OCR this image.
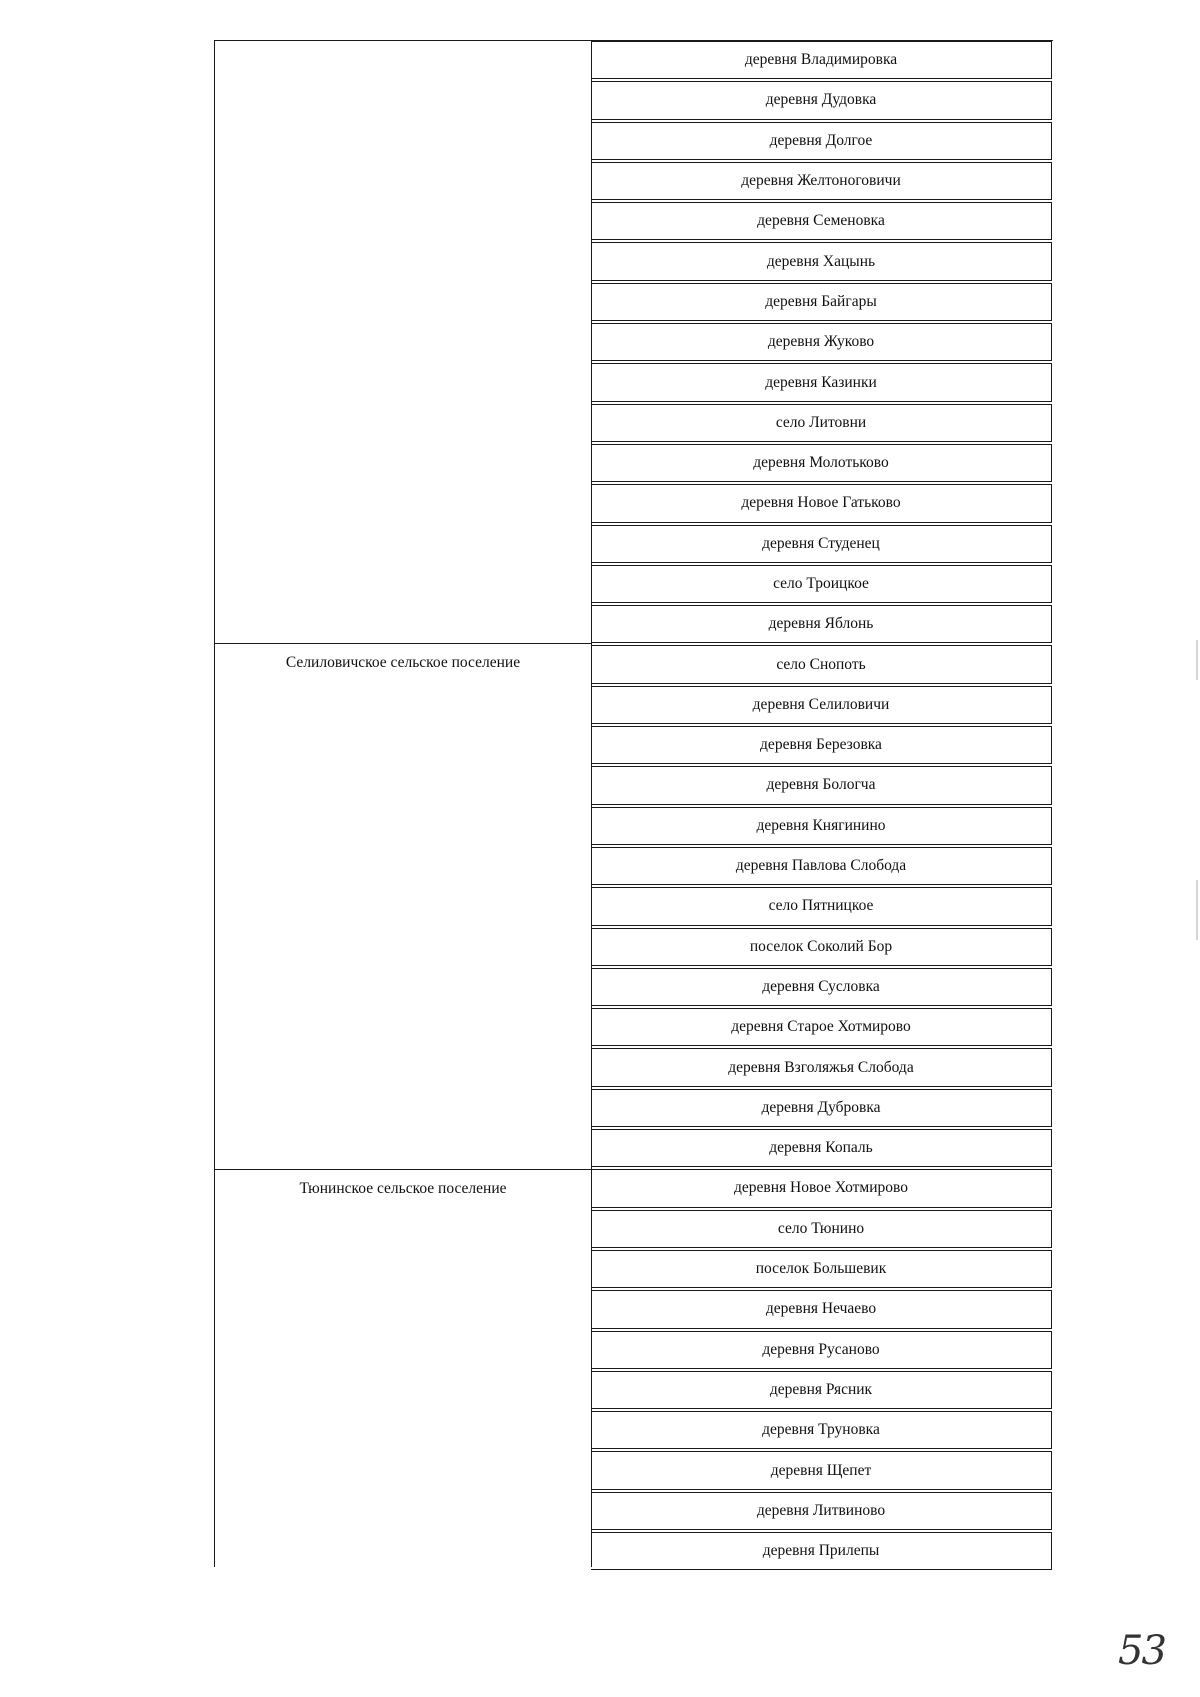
Селиловичское сельское поселение
Тюнинское сельское поселение
деревня Владимировка
деревня Дудовка
деревня Долгое
деревня Желтоноговичи
деревня Семеновка
деревня Хацынь
деревня Байгары
деревня Жуково
деревня Казинки
село Литовни
деревня Молотьково
деревня Новое Гатьково
деревня Студенец
село Троицкое
деревня Яблонь
село Снопоть
деревня Селиловичи
деревня Березовка
деревня Бологча
деревня Княгинино
деревня Павлова Слобода
село Пятницкое
поселок Соколий Бор
деревня Сусловка
деревня Старое Хотмирово
деревня Взголяжья Слобода
деревня Дубровка
деревня Копаль
деревня Новое Хотмирово
село Тюнино
поселок Большевик
деревня Нечаево
деревня Русаново
деревня Рясник
деревня Труновка
деревня Щепет
деревня Литвиново
деревня Прилепы
53
